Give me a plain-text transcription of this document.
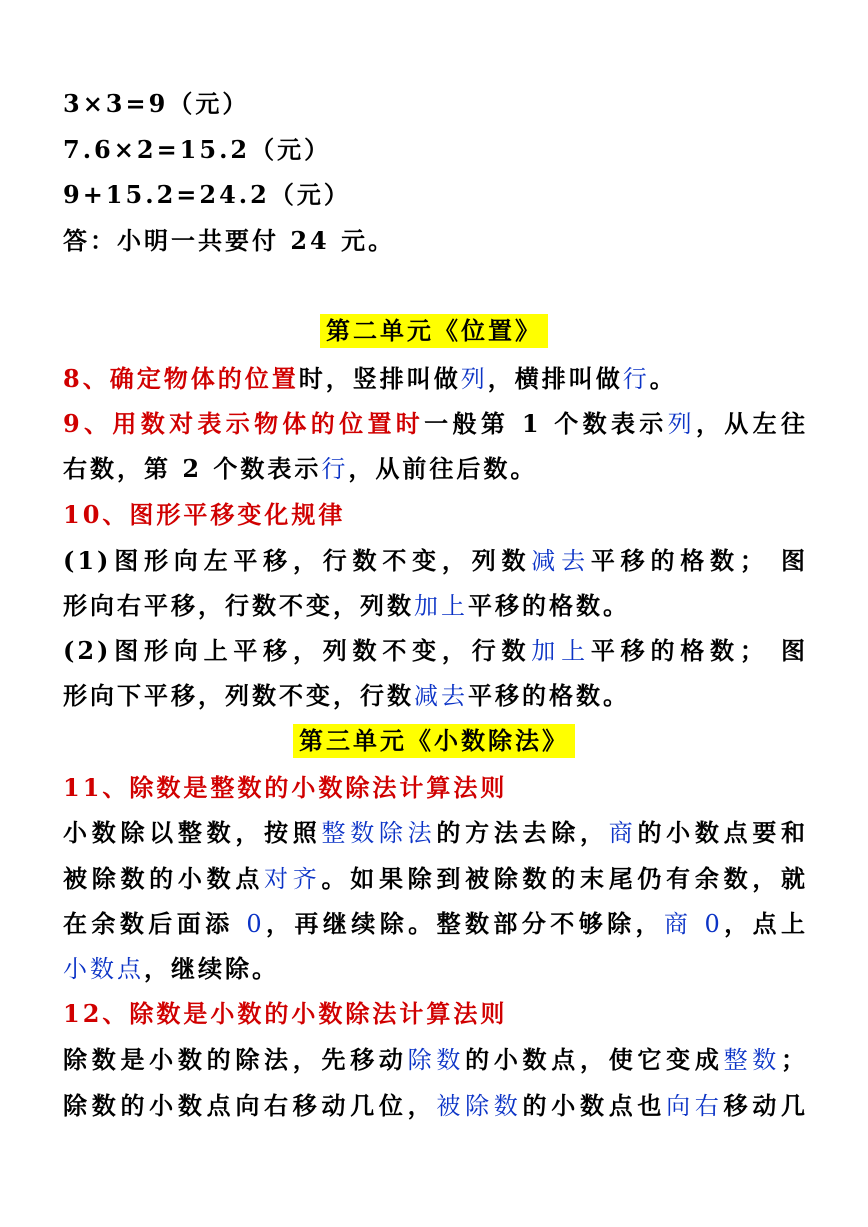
3×3=9（元）
7.6×2=15.2（元）
9+15.2=24.2（元）
答：小明一共要付 24 元。
第二单元《位置》
8、确定物体的位置时，竖排叫做列，横排叫做行。
9、用数对表示物体的位置时一般第 1 个数表示列，从左往
右数，第 2 个数表示行，从前往后数。
10、图形平移变化规律
(1)图形向左平移，行数不变，列数减去平移的格数； 图
形向右平移，行数不变，列数加上平移的格数。
(2)图形向上平移，列数不变，行数加上平移的格数； 图
形向下平移，列数不变，行数减去平移的格数。
第三单元《小数除法》
11、除数是整数的小数除法计算法则
小数除以整数，按照整数除法的方法去除，商的小数点要和
被除数的小数点对齐。如果除到被除数的末尾仍有余数，就
在余数后面添 0，再继续除。整数部分不够除，商 0，点上
小数点，继续除。
12、除数是小数的小数除法计算法则
除数是小数的除法，先移动除数的小数点，使它变成整数；
除数的小数点向右移动几位，被除数的小数点也向右移动几
